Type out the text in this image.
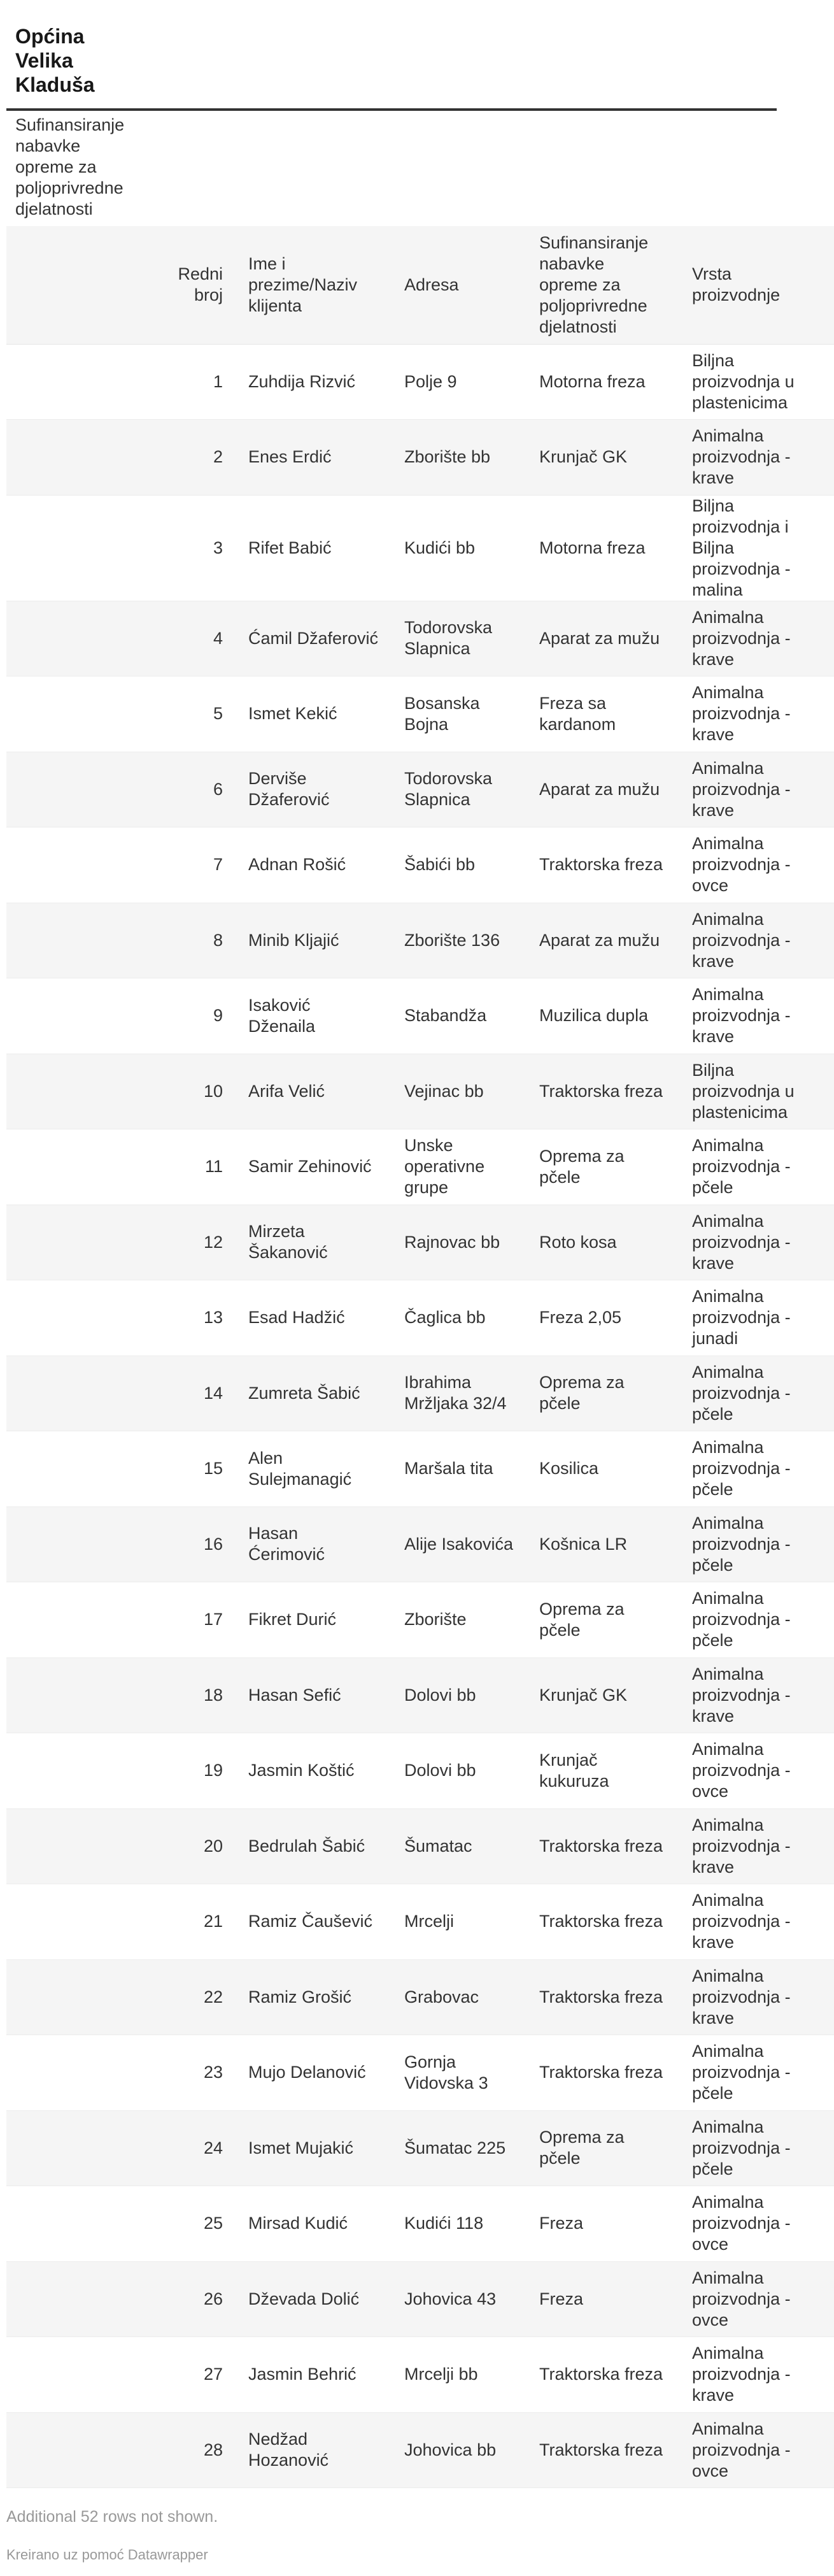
Općina Velika Kladuša
Sufinansiranje nabavke opreme za poljoprivredne djelatnosti
	Redni broj	Ime i prezime/Naziv klijenta	Adresa	Sufinansiranje nabavke opreme za poljoprivredne djelatnosti	Vrsta proizvodnje
	1	Zuhdija Rizvić	Polje 9	Motorna freza	Biljna proizvodnja u plastenicima
	2	Enes Erdić	Zborište bb	Krunjač GK	Animalna proizvodnja - krave
	3	Rifet Babić	Kudići bb	Motorna freza	Biljna proizvodnja i Biljna proizvodnja - malina
	4	Ćamil Džaferović	Todorovska Slapnica	Aparat za mužu	Animalna proizvodnja - krave
	5	Ismet Kekić	Bosanska Bojna	Freza sa kardanom	Animalna proizvodnja - krave
	6	Derviše Džaferović	Todorovska Slapnica	Aparat za mužu	Animalna proizvodnja - krave
	7	Adnan Rošić	Šabići bb	Traktorska freza	Animalna proizvodnja - ovce
	8	Minib Kljajić	Zborište 136	Aparat za mužu	Animalna proizvodnja - krave
	9	Isaković Dženaila	Stabandža	Muzilica dupla	Animalna proizvodnja - krave
	10	Arifa Velić	Vejinac bb	Traktorska freza	Biljna proizvodnja u plastenicima
	11	Samir Zehinović	Unske operativne grupe	Oprema za pčele	Animalna proizvodnja - pčele
	12	Mirzeta Šakanović	Rajnovac bb	Roto kosa	Animalna proizvodnja - krave
	13	Esad Hadžić	Čaglica bb	Freza 2,05	Animalna proizvodnja - junadi
	14	Zumreta Šabić	Ibrahima Mržljaka 32/4	Oprema za pčele	Animalna proizvodnja - pčele
	15	Alen Sulejmanagić	Maršala tita	Kosilica	Animalna proizvodnja - pčele
	16	Hasan Ćerimović	Alije Isakovića	Košnica LR	Animalna proizvodnja - pčele
	17	Fikret Durić	Zborište	Oprema za pčele	Animalna proizvodnja - pčele
	18	Hasan Sefić	Dolovi bb	Krunjač GK	Animalna proizvodnja - krave
	19	Jasmin Koštić	Dolovi bb	Krunjač kukuruza	Animalna proizvodnja - ovce
	20	Bedrulah Šabić	Šumatac	Traktorska freza	Animalna proizvodnja - krave
	21	Ramiz Čaušević	Mrcelji	Traktorska freza	Animalna proizvodnja - krave
	22	Ramiz Grošić	Grabovac	Traktorska freza	Animalna proizvodnja - krave
	23	Mujo Delanović	Gornja Vidovska 3	Traktorska freza	Animalna proizvodnja - pčele
	24	Ismet Mujakić	Šumatac 225	Oprema za pčele	Animalna proizvodnja - pčele
	25	Mirsad Kudić	Kudići 118	Freza	Animalna proizvodnja - ovce
	26	Dževada Dolić	Johovica 43	Freza	Animalna proizvodnja - ovce
	27	Jasmin Behrić	Mrcelji bb	Traktorska freza	Animalna proizvodnja - krave
	28	Nedžad Hozanović	Johovica bb	Traktorska freza	Animalna proizvodnja - ovce
Additional 52 rows not shown.
Kreirano uz pomoć Datawrapper
